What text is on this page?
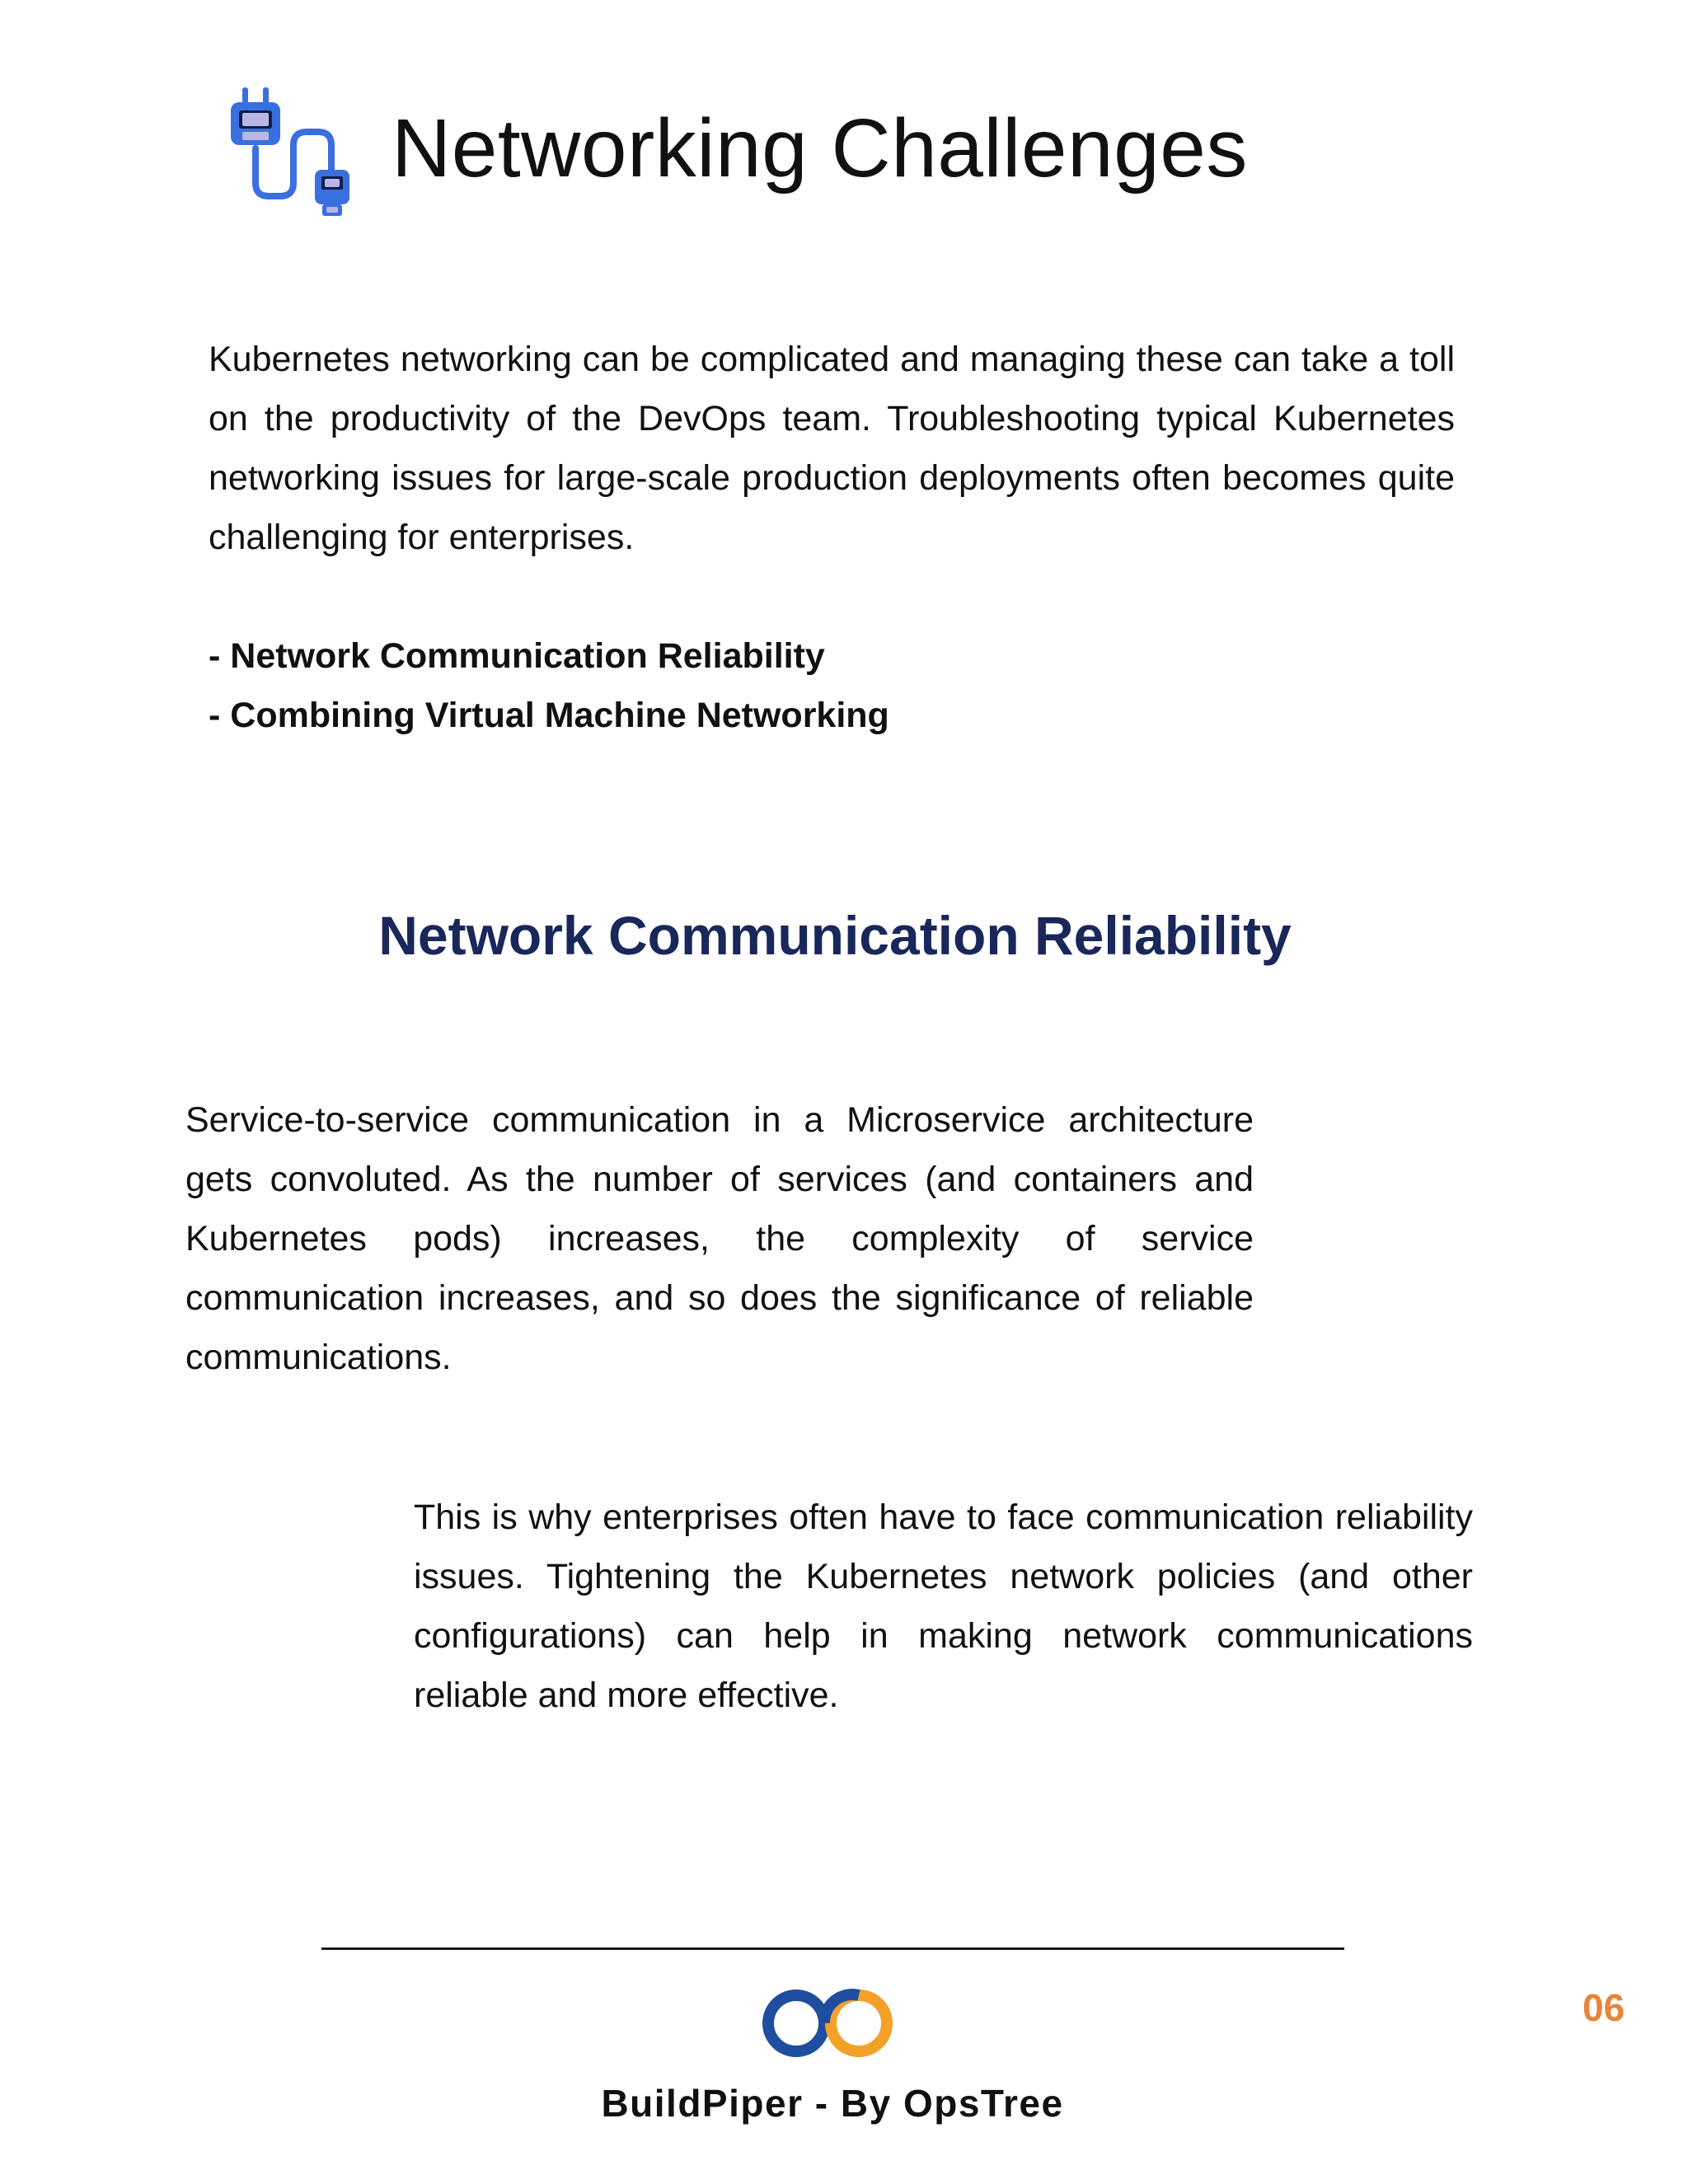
Networking Challenges

Kubernetes networking can be complicated and managing these can take a toll on the productivity of the DevOps team. Troubleshooting typical Kubernetes networking issues for large-scale production deployments often becomes quite challenging for enterprises.

- Network Communication Reliability
- Combining Virtual Machine Networking
Network Communication Reliability

Service-to-service communication in a Microservice architecture gets convoluted. As the number of services (and containers and Kubernetes pods) increases, the complexity of service communication increases, and so does the significance of reliable communications.

This is why enterprises often have to face communication reliability issues. Tightening the Kubernetes network policies (and other configurations) can help in making network communications reliable and more effective.

BuildPiper - By OpsTree

06
